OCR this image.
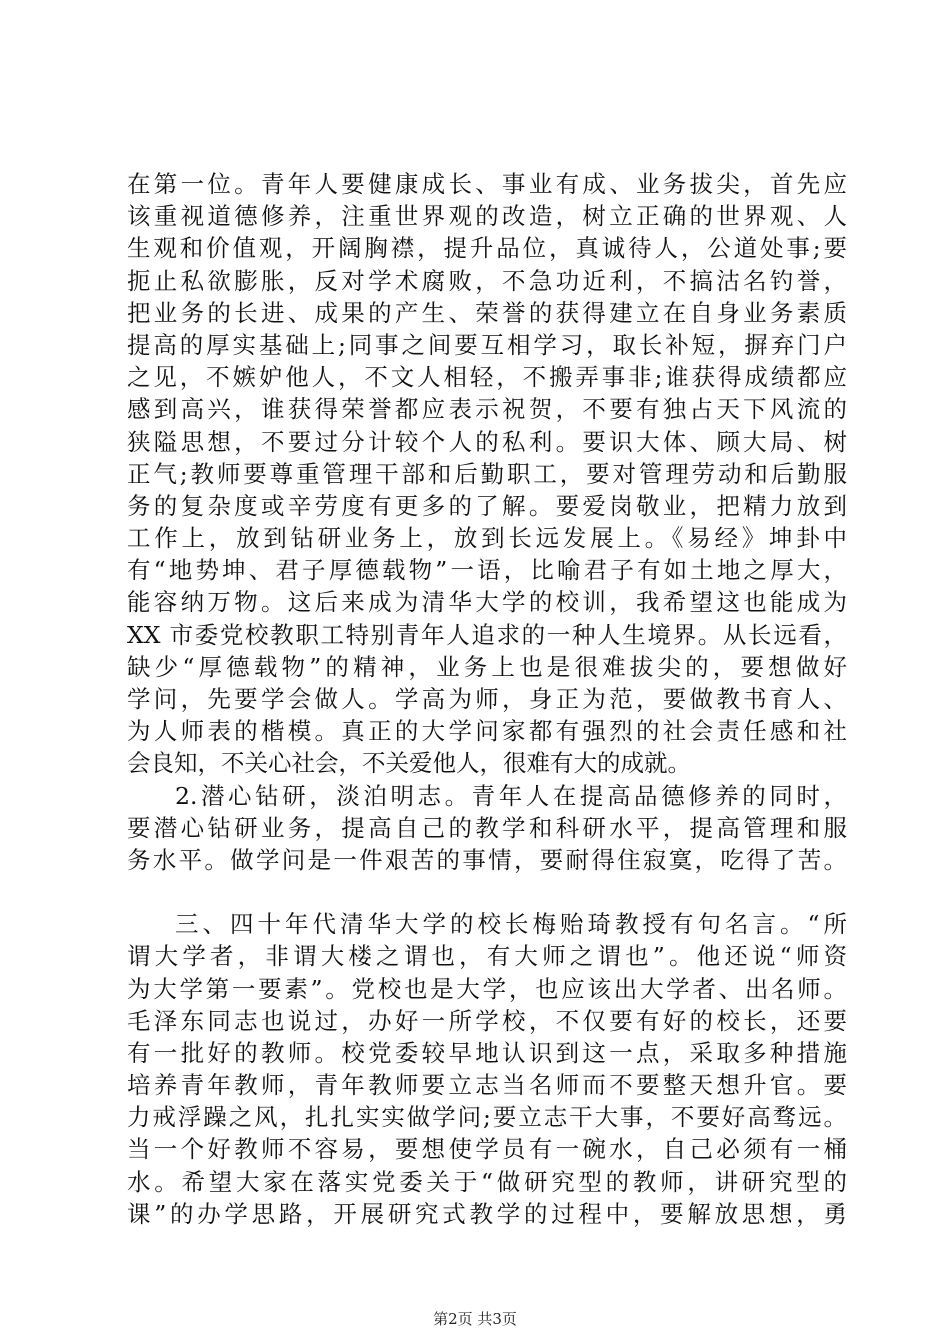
在第一位。青年人要健康成长、事业有成、业务拔尖，首先应
该重视道德修养，注重世界观的改造，树立正确的世界观、人
生观和价值观，开阔胸襟，提升品位，真诚待人，公道处事;要
扼止私欲膨胀，反对学术腐败，不急功近利，不搞沽名钓誉，
把业务的长进、成果的产生、荣誉的获得建立在自身业务素质
提高的厚实基础上;同事之间要互相学习，取长补短，摒弃门户
之见，不嫉妒他人，不文人相轻，不搬弄事非;谁获得成绩都应
感到高兴，谁获得荣誉都应表示祝贺，不要有独占天下风流的
狭隘思想，不要过分计较个人的私利。要识大体、顾大局、树
正气;教师要尊重管理干部和后勤职工，要对管理劳动和后勤服
务的复杂度或辛劳度有更多的了解。要爱岗敬业，把精力放到
工作上，放到钻研业务上，放到长远发展上。《易经》坤卦中
有“地势坤、君子厚德载物”一语，比喻君子有如土地之厚大，
能容纳万物。这后来成为清华大学的校训，我希望这也能成为
XX 市委党校教职工特别青年人追求的一种人生境界。从长远看，
缺少“厚德载物”的精神，业务上也是很难拔尖的，要想做好
学问，先要学会做人。学高为师，身正为范，要做教书育人、
为人师表的楷模。真正的大学问家都有强烈的社会责任感和社
会良知，不关心社会，不关爱他人，很难有大的成就。
2.潜心钻研，淡泊明志。青年人在提高品德修养的同时，
要潜心钻研业务，提高自己的教学和科研水平，提高管理和服
务水平。做学问是一件艰苦的事情，要耐得住寂寞，吃得了苦。
三、四十年代清华大学的校长梅贻琦教授有句名言。“所
谓大学者，非谓大楼之谓也，有大师之谓也”。他还说“师资
为大学第一要素”。党校也是大学，也应该出大学者、出名师。
毛泽东同志也说过，办好一所学校，不仅要有好的校长，还要
有一批好的教师。校党委较早地认识到这一点，采取多种措施
培养青年教师，青年教师要立志当名师而不要整天想升官。要
力戒浮躁之风，扎扎实实做学问;要立志干大事，不要好高骛远。
当一个好教师不容易，要想使学员有一碗水，自己必须有一桶
水。希望大家在落实党委关于“做研究型的教师，讲研究型的
课”的办学思路，开展研究式教学的过程中，要解放思想，勇
第2页 共3页
